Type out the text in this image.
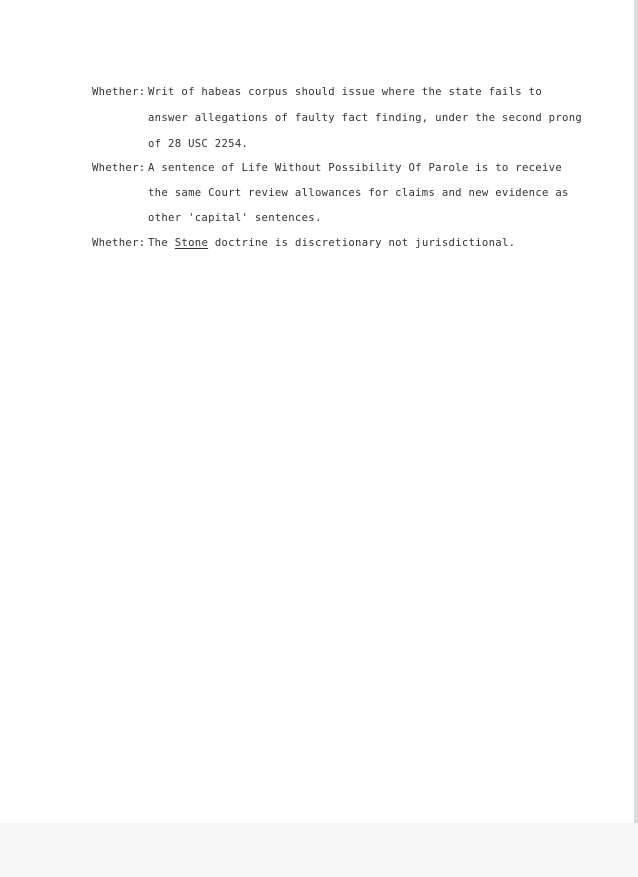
Whether: Writ of habeas corpus should issue where the state fails to
answer allegations of faulty fact finding, under the second prong
of 28 USC 2254.
Whether: A sentence of Life Without Possibility Of Parole is to receive
the same Court review allowances for claims and new evidence as
other 'capital' sentences.
Whether: The Stone doctrine is discretionary not jurisdictional.
